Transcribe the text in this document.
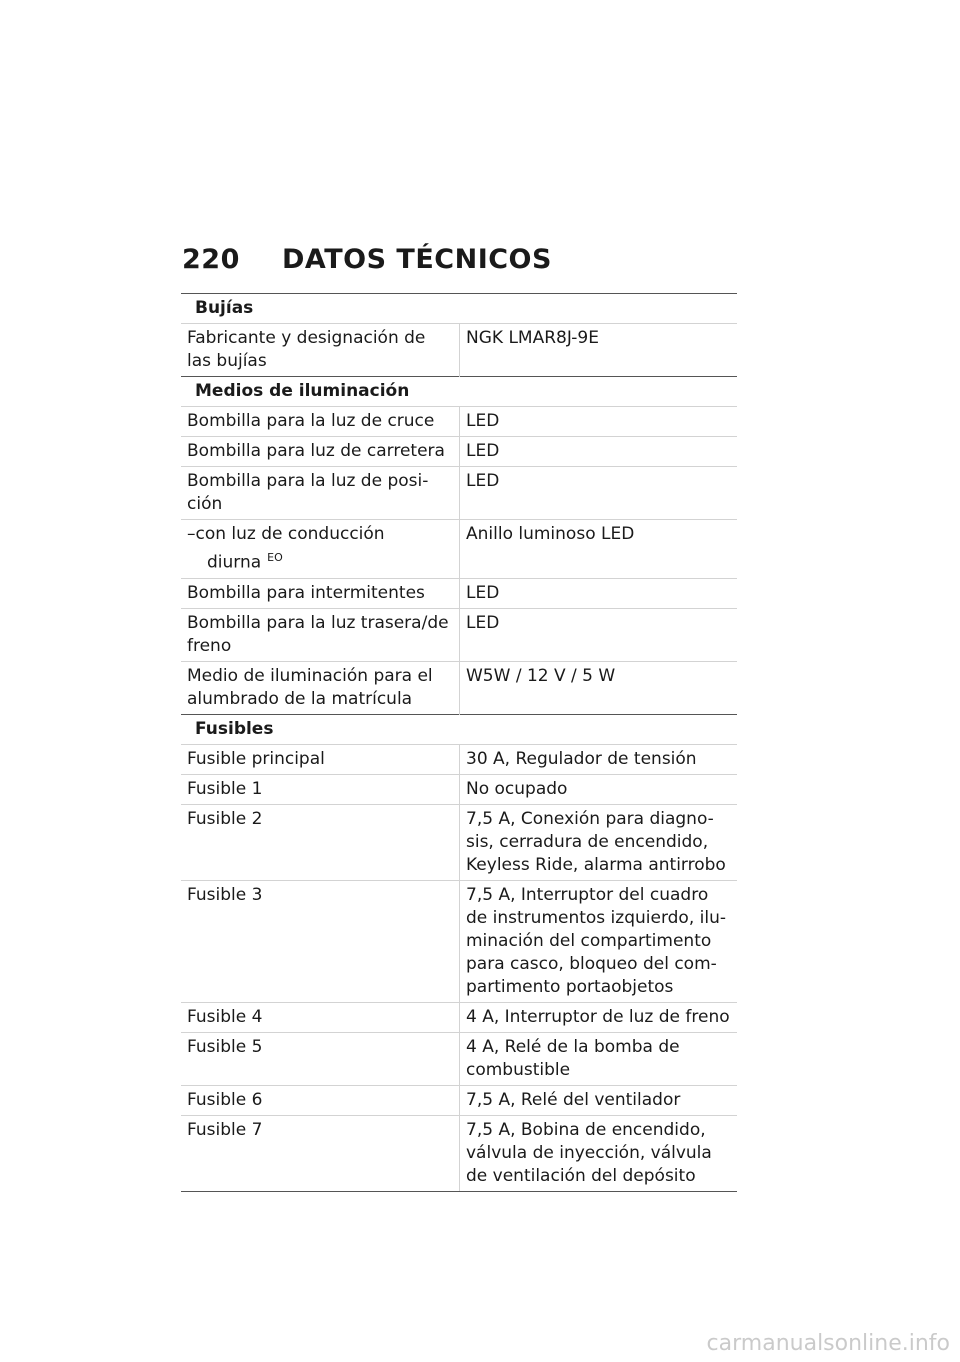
220	DATOS TÉCNICOS
Bujías	
Fabricante y designación de las bujías	NGK LMAR8J-9E
Medios de iluminación	
Bombilla para la luz de cruce	LED
Bombilla para luz de carretera	LED
Bombilla para la luz de posi-ción	LED
–con luz de conducción
diurna $^{EO}$	Anillo luminoso LED
Bombilla para intermitentes	LED
Bombilla para la luz trasera/de freno	LED
Medio de iluminación para el alumbrado de la matrícula	W5W / 12 V / 5 W
Fusibles	
Fusible principal	30 A, Regulador de tensión
Fusible 1	No ocupado
Fusible 2	7,5 A, Conexión para diagno-sis, cerradura de encendido, Keyless Ride, alarma antirrobo
Fusible 3	7,5 A, Interruptor del cuadro de instrumentos izquierdo, ilu-minación del compartimento para casco, bloqueo del com-partimento portaobjetos
Fusible 4	4 A, Interruptor de luz de freno
Fusible 5	4 A, Relé de la bomba de combustible
Fusible 6	7,5 A, Relé del ventilador
Fusible 7	7,5 A, Bobina de encendido, válvula de inyección, válvula de ventilación del depósito
carmanualsonline.info
